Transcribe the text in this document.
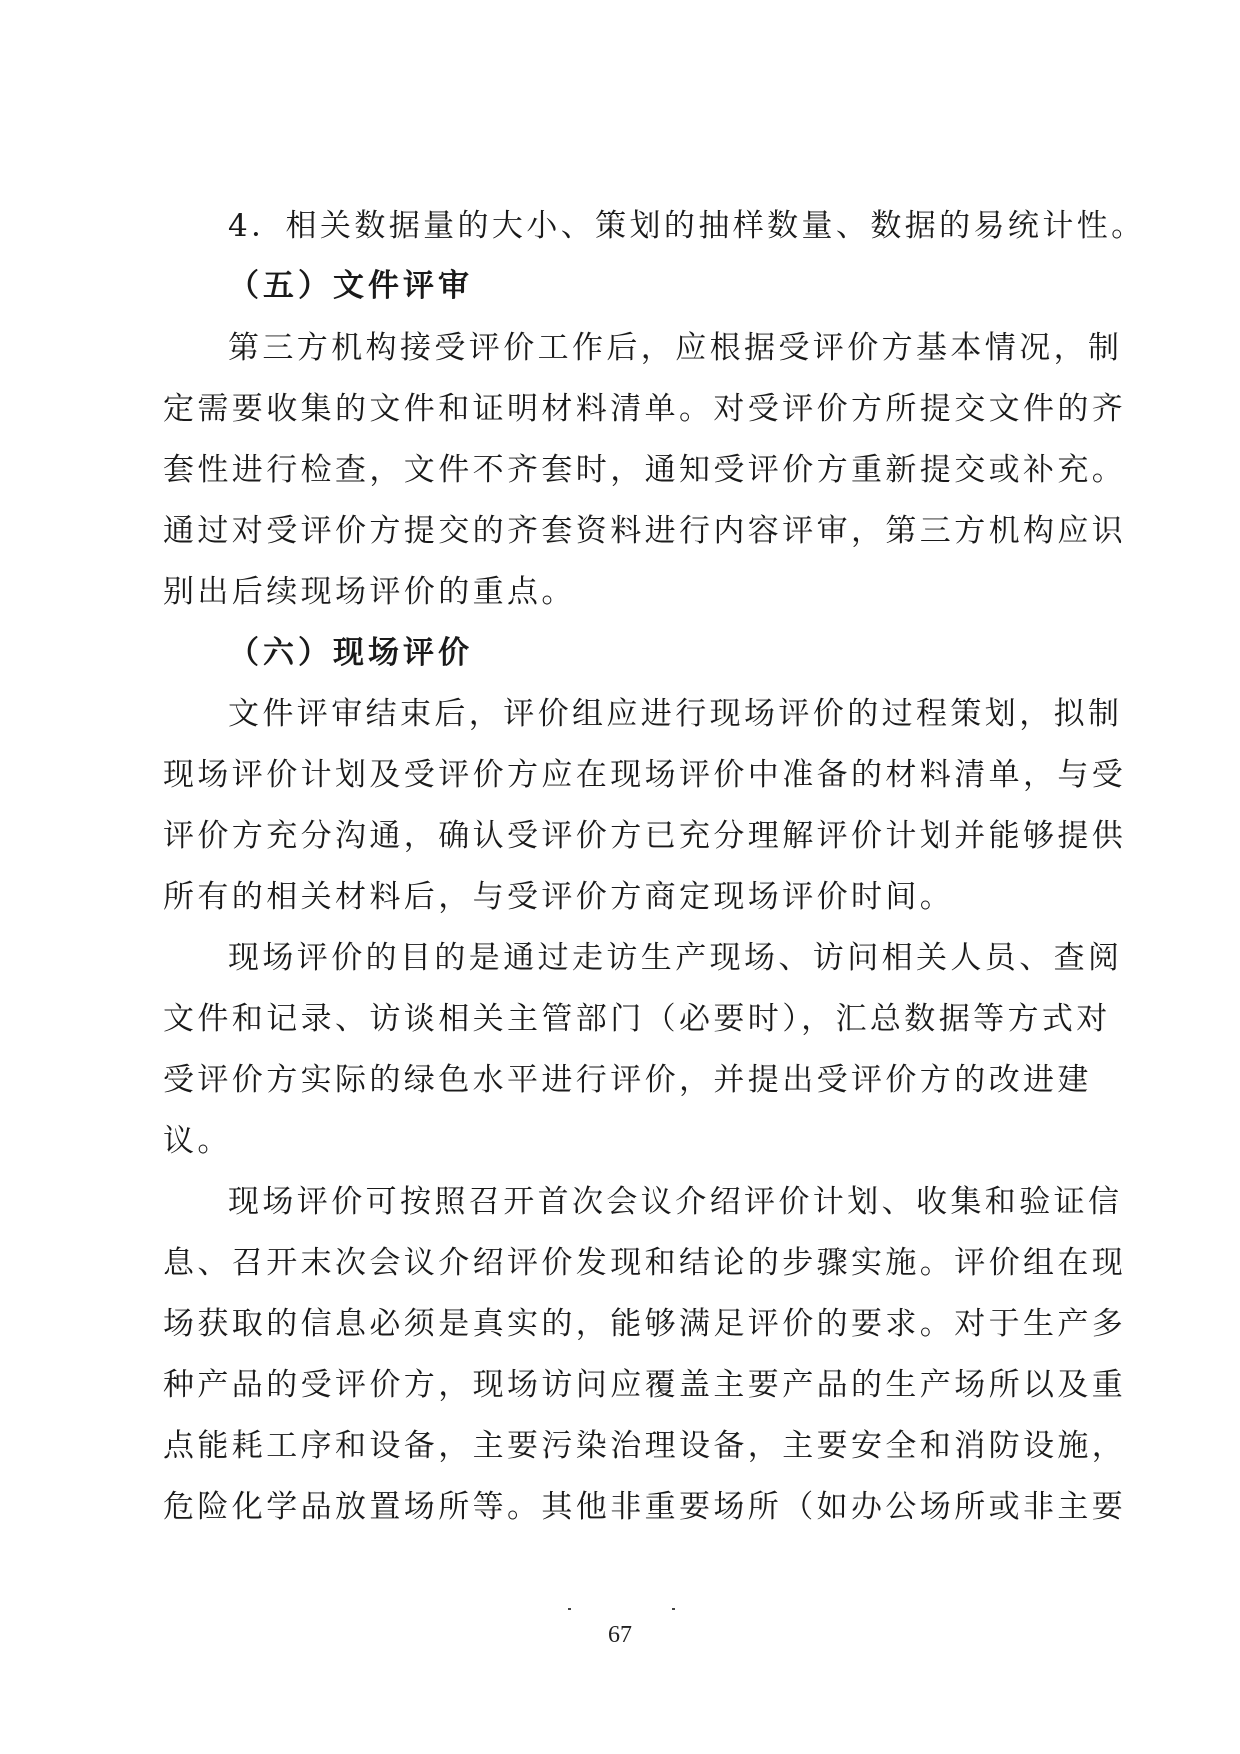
4．相关数据量的大小、策划的抽样数量、数据的易统计性。
（五）文件评审
第三方机构接受评价工作后，应根据受评价方基本情况，制
定需要收集的文件和证明材料清单。对受评价方所提交文件的齐
套性进行检查，文件不齐套时，通知受评价方重新提交或补充。
通过对受评价方提交的齐套资料进行内容评审，第三方机构应识
别出后续现场评价的重点。
（六）现场评价
文件评审结束后，评价组应进行现场评价的过程策划，拟制
现场评价计划及受评价方应在现场评价中准备的材料清单，与受
评价方充分沟通，确认受评价方已充分理解评价计划并能够提供
所有的相关材料后，与受评价方商定现场评价时间。
现场评价的目的是通过走访生产现场、访问相关人员、查阅
文件和记录、访谈相关主管部门（必要时），汇总数据等方式对
受评价方实际的绿色水平进行评价，并提出受评价方的改进建
议。
现场评价可按照召开首次会议介绍评价计划、收集和验证信
息、召开末次会议介绍评价发现和结论的步骤实施。评价组在现
场获取的信息必须是真实的，能够满足评价的要求。对于生产多
种产品的受评价方，现场访问应覆盖主要产品的生产场所以及重
点能耗工序和设备，主要污染治理设备，主要安全和消防设施，
危险化学品放置场所等。其他非重要场所（如办公场所或非主要
67
